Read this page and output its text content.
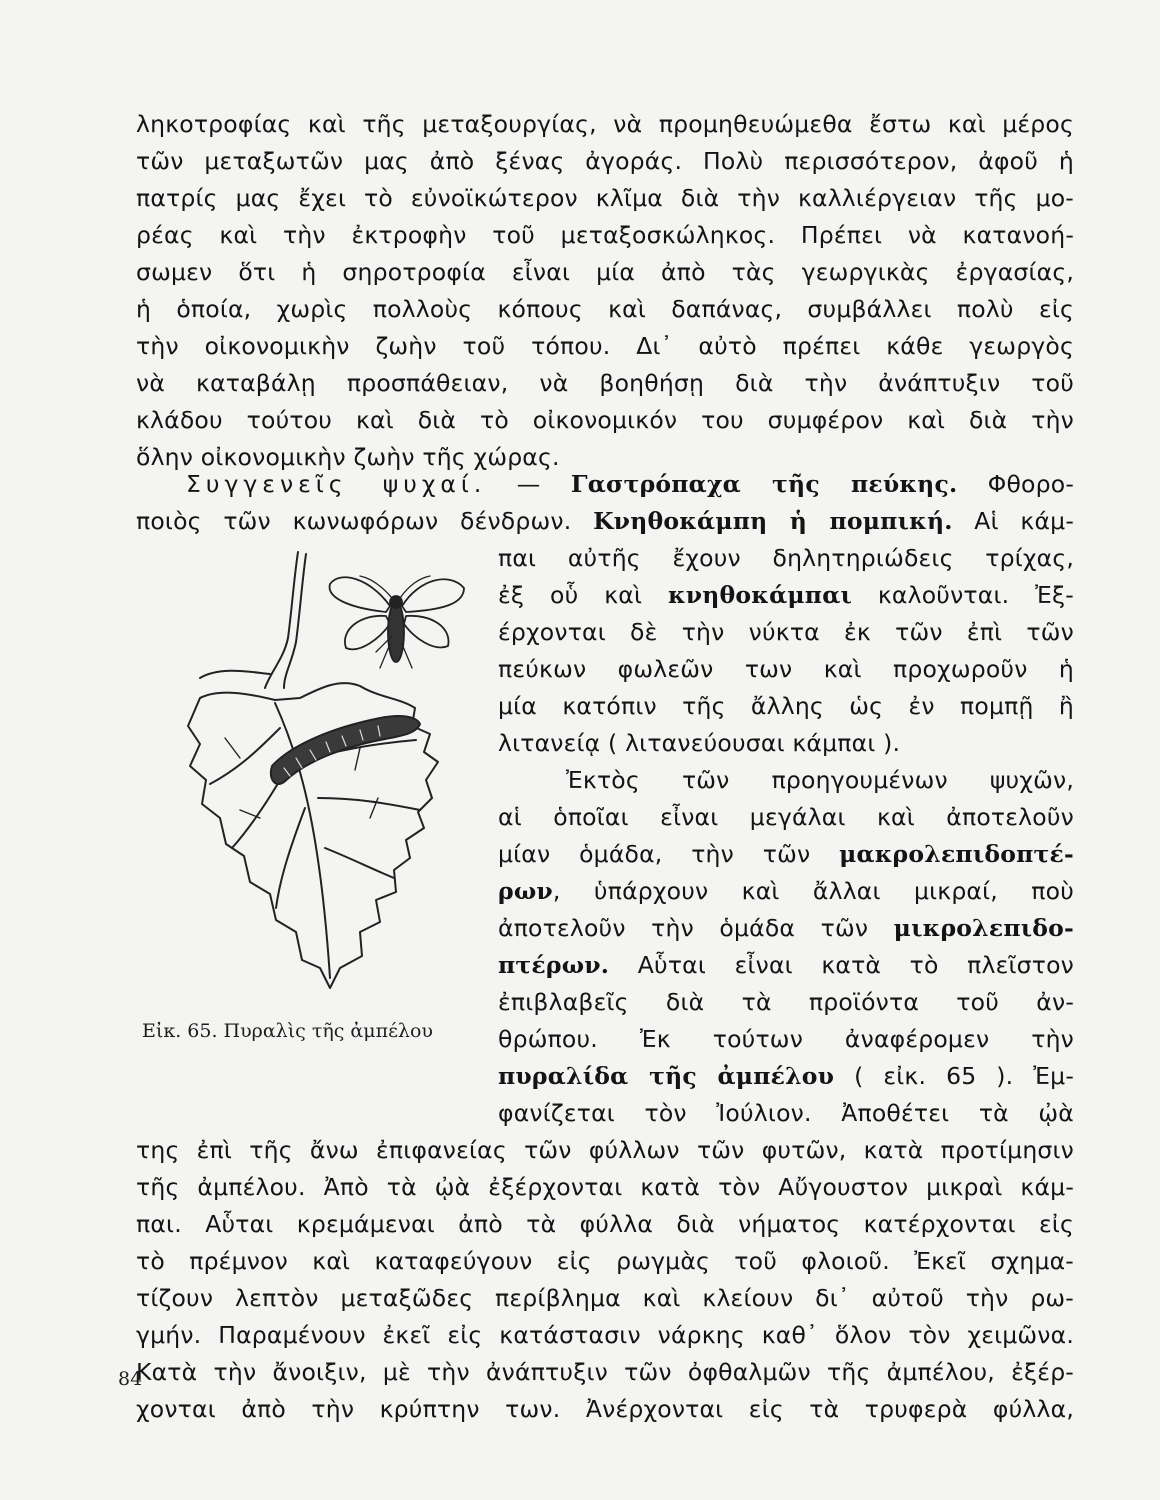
ληκοτροφίας καὶ τῆς μεταξουργίας, νὰ προμηθευώμεθα ἔστω καὶ μέρος
τῶν μεταξωτῶν μας ἀπὸ ξένας ἀγοράς. Πολὺ περισσότερον, ἀφοῦ ἡ
πατρίς μας ἔχει τὸ εὐνοϊκώτερον κλῖμα διὰ τὴν καλλιέργειαν τῆς μο-
ρέας καὶ τὴν ἐκτροφὴν τοῦ μεταξοσκώληκος. Πρέπει νὰ κατανοή-
σωμεν ὅτι ἡ σηροτροφία εἶναι μία ἀπὸ τὰς γεωργικὰς ἐργασίας,
ἡ ὁποία, χωρὶς πολλοὺς κόπους καὶ δαπάνας, συμβάλλει πολὺ εἰς
τὴν οἰκονομικὴν ζωὴν τοῦ τόπου. Δι᾽ αὐτὸ πρέπει κάθε γεωργὸς
νὰ καταβάλῃ προσπάθειαν, νὰ βοηθήσῃ διὰ τὴν ἀνάπτυξιν τοῦ
κλάδου τούτου καὶ διὰ τὸ οἰκονομικόν του συμφέρον καὶ διὰ τὴν
ὅλην οἰκονομικὴν ζωὴν τῆς χώρας.
Συγγενεῖς ψυχαί. — Γαστρόπαχα τῆς πεύκης. Φθορο-
ποιὸς τῶν κωνωφόρων δένδρων. Κνηθοκάμπη ἡ πομπική. Αἱ κάμ-
παι αὐτῆς ἔχουν δηλητηριώδεις τρίχας,
ἐξ οὗ καὶ κνηθοκάμπαι καλοῦνται. Ἐξ-
έρχονται δὲ τὴν νύκτα ἐκ τῶν ἐπὶ τῶν
πεύκων φωλεῶν των καὶ προχωροῦν ἡ
μία κατόπιν τῆς ἄλλης ὡς ἐν πομπῇ ἢ
λιτανείᾳ ( λιτανεύουσαι κάμπαι ).
Ἐκτὸς τῶν προηγουμένων ψυχῶν,
αἱ ὁποῖαι εἶναι μεγάλαι καὶ ἀποτελοῦν
μίαν ὁμάδα, τὴν τῶν μακρολεπιδοπτέ-
ρων, ὑπάρχουν καὶ ἄλλαι μικραί, ποὺ
ἀποτελοῦν τὴν ὁμάδα τῶν μικρολεπιδο-
πτέρων. Αὗται εἶναι κατὰ τὸ πλεῖστον
ἐπιβλαβεῖς διὰ τὰ προϊόντα τοῦ ἀν-
θρώπου. Ἐκ τούτων ἀναφέρομεν τὴν
πυραλίδα τῆς ἀμπέλου ( εἰκ. 65 ). Ἐμ-
φανίζεται τὸν Ἰούλιον. Ἀποθέτει τὰ ᾠὰ
της ἐπὶ τῆς ἄνω ἐπιφανείας τῶν φύλλων τῶν φυτῶν, κατὰ προτίμησιν
τῆς ἀμπέλου. Ἀπὸ τὰ ᾠὰ ἐξέρχονται κατὰ τὸν Αὔγουστον μικραὶ κάμ-
παι. Αὗται κρεμάμεναι ἀπὸ τὰ φύλλα διὰ νήματος κατέρχονται εἰς
τὸ πρέμνον καὶ καταφεύγουν εἰς ρωγμὰς τοῦ φλοιοῦ. Ἐκεῖ σχημα-
τίζουν λεπτὸν μεταξῶδες περίβλημα καὶ κλείουν δι᾽ αὐτοῦ τὴν ρω-
γμήν. Παραμένουν ἐκεῖ εἰς κατάστασιν νάρκης καθ᾽ ὅλον τὸν χειμῶνα.
Κατὰ τὴν ἄνοιξιν, μὲ τὴν ἀνάπτυξιν τῶν ὀφθαλμῶν τῆς ἀμπέλου, ἐξέρ-
χονται ἀπὸ τὴν κρύπτην των. Ἀνέρχονται εἰς τὰ τρυφερὰ φύλλα,
Εἰκ. 65. Πυραλὶς τῆς ἀμπέλου
84
